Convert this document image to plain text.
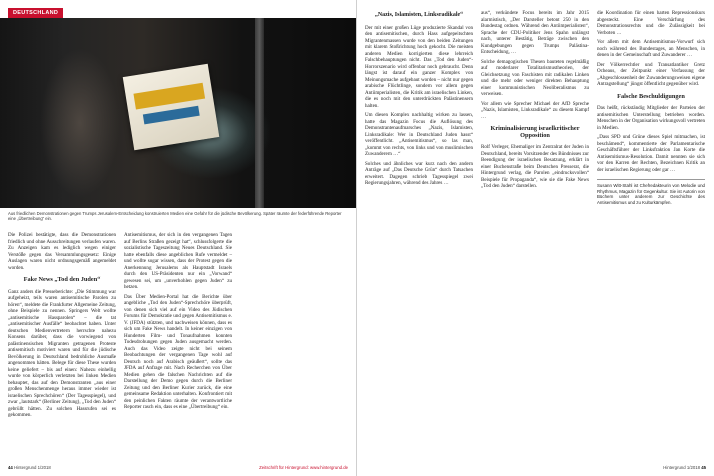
DEUTSCHLAND
Aus friedlichen Demonstrationen gegen Trumps Jerusalem-Entscheidung konstruierten Medien eine Gefahr für die jüdische Bevölkerung. Später räumte der federführende Reporter eine „Übertreibung“ ein.

Die Polizei bestätigte, dass die Demonstrationen friedlich und ohne Ausschreitungen verlaufen waren. Zu Anzeigen kam es lediglich wegen einiger Verstöße gegen das Versammlungsgesetz: Einige Auslagen waren nicht ordnungsgemäß angemeldet worden.

Fake News „Tod den Juden“

Ganz anders die Presseberichte: „Die Stimmung war aufgeheizt, teils waren antisemitische Parolen zu hören“, meldete die Frankfurter Allgemeine Zeitung, ohne Beispiele zu nennen. Springers Welt wollte „antisemitische Hassparolen“ – die tat „antisemitischer Ausfälle“ beobachtet haben. Unter deutschen Medienvertretern herrschte nahezu Konsens darüber, dass die vorwiegend von palästinensischen Migranten getragenen Proteste antisemitisch motiviert waren und für die jüdische Bevölkerung in Deutschland bedrohliche Ausmaße angenommen hätten. Belege für diese These wurden keine geliefert – bis auf einen: Nahezu einhellig wurde von körperlich verletzten bei linken Medien behauptet, das auf den Demonstranten „aus einer großen Menschenmenge heraus immer wieder ist israelischen Sprechchören“ (Der Tagesspiegel), und zwar „lautstark“ (Berliner Zeitung), „Tod den Juden“ gebrüllt hätten. Zu solchen Hassrufen sei es gekommen.

Antisemitismus, der sich in den vergangenen Tagen auf Berlins Straßen gezeigt hat“, schlussfolgerte die sozialistische Tageszeitung Neues Deutschland. Sie hatte ebenfalls diese angeblichen Rufe vermeldet – und wollte sogar wissen, dass der Protest gegen die Anerkennung Jerusalems als Hauptstadt Israels durch den US-Präsidenten nur ein „Vorwand“ gewesen sei, um „unverhohlen gegen Juden“ zu hetzen.

Das Über Medien-Portal hat die Berichte über angebliche „Tod den Juden“-Sprechchöre überprüft, von denen sich viel auf ein Video des Jüdischen Forums für Demokratie und gegen Antisemitismus e. V. (JFDA) stützten, und nachweisen können, dass es sich um Fake News handelt. In keiner einzigen von Hunderten Film- und Tonaufnahmen konnten Todesdrohungen gegen Juden ausgemacht werden. Auch das Video zeigte nicht bei seinem Beobachtungen der vergangenen Tage wohl auf Deutsch noch auf Arabisch geäußert“, sollte das JFDA auf Anfrage mit. Nach Recherchen von Über Medien gehen die falschen Nachrichten auf die Darstellung der Demo gegen durch die Berliner Zeitung und den Berliner Kurier zurück, die eine gemeinsame Redaktion unterhalten. Konfrontiert mit den peinlichen Fakten räumte der verantwortliche Reporter rasch ein, dass es eine „Übertreibung“ ein.

44 Hintergrund 1/2018	Zeitschrift für Hintergrund: www.hintergrund.de
„Nazis, Islamisten, Linksradikale“

Der mit einer großen Lüge produzierte Skandal von den antisemitischen, durch Hass aufgepeitschten Migrantenmassen wurde von den beiden Zeitungen mit klarem Stoßrichtung hoch gekocht. Die meisten anderen Medien korrigierten diese lehrreich Falschbehauptungen nicht. Das „Tod den Juden“-Horrorszenario wird offenbar noch gebraucht. Denn längst ist darauf ein ganzer Komplex von Meinungsmache aufgebaut worden – nicht nur gegen arabische Flüchtlinge, sondern vor allem gegen Antiimperialisten, die Kritik am israelischen Linken, die es noch mit den unterdrückten Palästinensern halten.

Um diesen Komplex nachhaltig wirken zu lassen, hatte das Magazin Focus die Auflösung des Demonstrantenaufmarsches „Nazis, Islamisten, Linksradikale: Wer in Deutschland Juden hasst“ veröffentlicht. „Antisemitismus“, so las man, „kommt von rechts, von links und von muslimischen Zuwanderern …“

Solches und ähnliches war kurz nach den andern Anträge auf „Das Deutsche Grün“ durch Tatsachen erweitert. Dagegen schrieb Tagesspiegel zwei Regierungsjahren, während des Jahres …

aus“, verkündete Focus bereits im Jahr 2015 alarmistisch, „Der Darsteller betont 250 in den Bundestag ordnen. Während den Antiimperialisten“, Sprache der CDU-Politiker Jens Spahn unlängst nach, unterer Bestätig, Beträge zwischen den Kundgebungen gegen Trumps Palästina-Entscheidung, …

Solche demagogischen Thesen bauteten regelmäßig auf moderlarer Totalitarismustheorien, der Gleichsetzung von Faschisten mit radikalen Linken und die mehr oder weniger direkten Behauptung einer kommunistischen Neoliberalismus zu verweisen.

Vor allem wie Sprecher Michael der AfD Spreche „Nazis, Islamisten, Linksradikale“ zu diesem Kampf …

Kriminalisierung israelkritischer Opposition

Rolf Verleger, Ehemaliger im Zentralrat der Juden in Deutschland, bereits Vorsitzender des Bündnisses zur Beendigung der israelischen Besatzung, erklärt in einer Buchenstraße beim Deutschen Presserat, die Hintergrund verlag, die Parolen „eindrucksvollen“ Beispiele für Propaganda“, wie sie die Fake News „Tod den Juden“ darstellen.

die Koordination für einen harten Repressionskurs abgesteckt. Eine Verschärfung des Demonstrationsrechts und die Zulässigkeit bei Verboten …

Vor allem mit dem Antisemitismus-Vorwurf sich noch während des Bundestages, an Menschen, in denen in der Gemeinschaft und Zuwanderer …

Der Völkerrechtler und Transatlantiker Gretz Ocheaus, der Zeitpunkt einer Verfassung der „Abgeschlossenheit der Zuwanderungsweisen eigene Antragstellung“ jüngst öffentlicht gegenüber wird.

Falsche Beschuldigungen

Das heißt, rückständig Mitglieder der Parteien der antisemitischen Unterstellung betrieben worden. Menschen in der Organisation wirkungsvoll vertreten in Medien.

„Dass SPD und Grüne dieses Spiel mitmachen, ist beschämend“, kommentierte der Parlamentarische Geschäftsführer der Linksfraktion Jan Korte die Antisemitismus-Resolution. Damit nennten sie sich vor den Karren der Rechten, Bezeichnen Kritik an der israelischen Regierung oder gar …

Susann Witt-Stahl ist Chefredakteurin von Melodie und Rhythmus, Magazin für Gegenkultur. Sie ist Autorin von Büchern unter anderem zur Geschichte des Antisemitismus und zu Kulturkämpfen.
Hintergrund 1/2018 45
